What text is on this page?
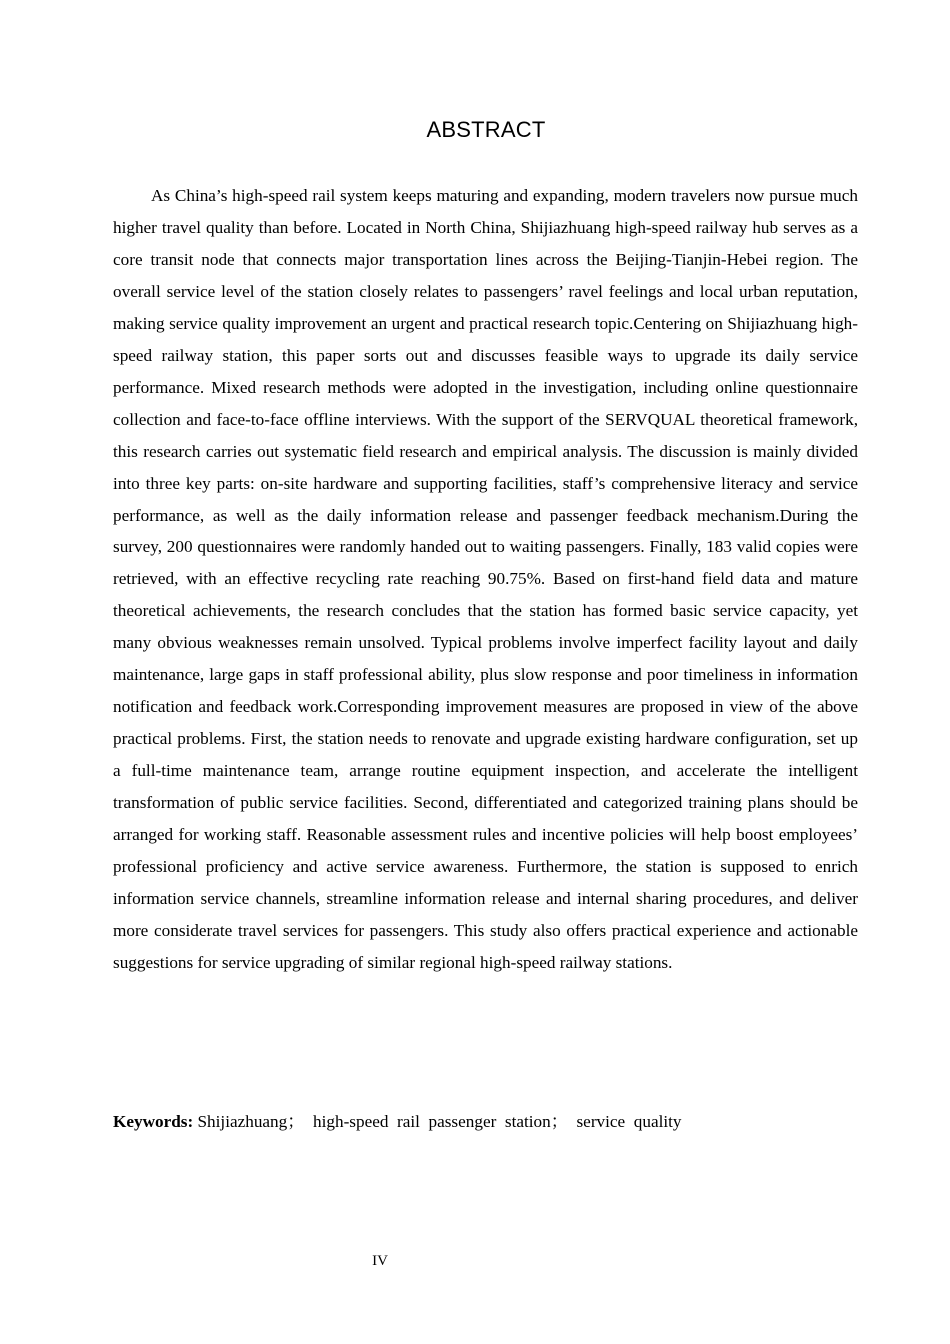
ABSTRACT

As China’s high-speed rail system keeps maturing and expanding, modern travelers now pursue much higher travel quality than before. Located in North China, Shijiazhuang high-speed railway hub serves as a core transit node that connects major transportation lines across the Beijing-Tianjin-Hebei region. The overall service level of the station closely relates to passengers’ ravel feelings and local urban reputation, making service quality improvement an urgent and practical research topic.Centering on Shijiazhuang high-speed railway station, this paper sorts out and discusses feasible ways to upgrade its daily service performance. Mixed research methods were adopted in the investigation, including online questionnaire collection and face-to-face offline interviews. With the support of the SERVQUAL theoretical framework, this research carries out systematic field research and empirical analysis. The discussion is mainly divided into three key parts: on-site hardware and supporting facilities, staff’s comprehensive literacy and service performance, as well as the daily information release and passenger feedback mechanism.During the survey, 200 questionnaires were randomly handed out to waiting passengers. Finally, 183 valid copies were retrieved, with an effective recycling rate reaching 90.75%. Based on first-hand field data and mature theoretical achievements, the research concludes that the station has formed basic service capacity, yet many obvious weaknesses remain unsolved. Typical problems involve imperfect facility layout and daily maintenance, large gaps in staff professional ability, plus slow response and poor timeliness in information notification and feedback work.Corresponding improvement measures are proposed in view of the above practical problems. First, the station needs to renovate and upgrade existing hardware configuration, set up a full-time maintenance team, arrange routine equipment inspection, and accelerate the intelligent transformation of public service facilities. Second, differentiated and categorized training plans should be arranged for working staff. Reasonable assessment rules and incentive policies will help boost employees’ professional proficiency and active service awareness. Furthermore, the station is supposed to enrich information service channels, streamline information release and internal sharing procedures, and deliver more considerate travel services for passengers. This study also offers practical experience and actionable suggestions for service upgrading of similar regional high-speed railway stations.

Keywords: Shijiazhuang；  high-speed  rail  passenger  station；  service  quality

IV
